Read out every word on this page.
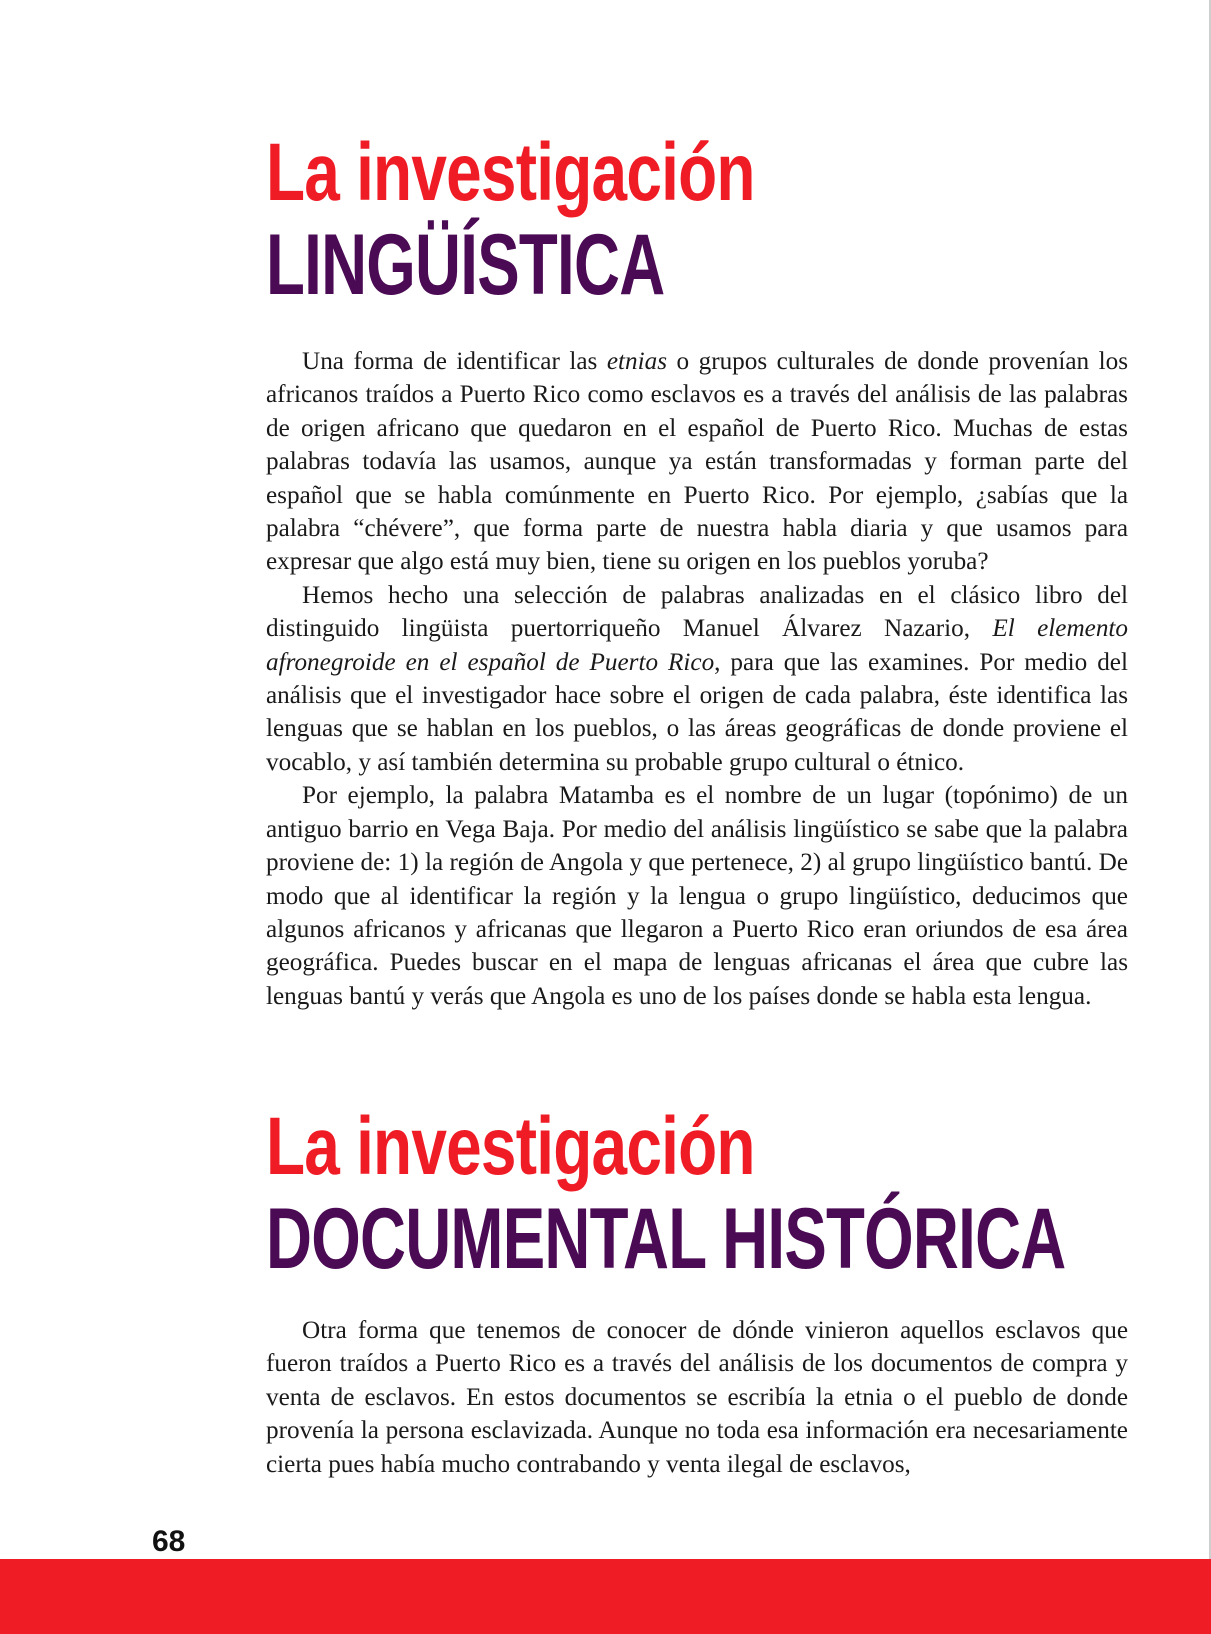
La investigación
LINGÜÍSTICA

Una forma de identificar las etnias o grupos culturales de donde provenían los africanos traídos a Puerto Rico como esclavos es a través del análisis de las palabras de origen africano que quedaron en el español de Puerto Rico. Muchas de estas palabras todavía las usamos, aunque ya están transformadas y forman parte del español que se habla comúnmente en Puerto Rico. Por ejemplo, ¿sabías que la palabra “chévere”, que forma parte de nuestra habla diaria y que usamos para expresar que algo está muy bien, tiene su origen en los pueblos yoruba?

Hemos hecho una selección de palabras analizadas en el clásico libro del distinguido lingüista puertorriqueño Manuel Álvarez Nazario, El elemento afronegroide en el español de Puerto Rico, para que las examines. Por medio del análisis que el investigador hace sobre el origen de cada palabra, éste identifica las lenguas que se hablan en los pueblos, o las áreas geográficas de donde proviene el vocablo, y así también determina su probable grupo cultural o étnico.

Por ejemplo, la palabra Matamba es el nombre de un lugar (topónimo) de un antiguo barrio en Vega Baja. Por medio del análisis lingüístico se sabe que la palabra proviene de: 1) la región de Angola y que pertenece, 2) al grupo lingüístico bantú. De modo que al identificar la región y la lengua o grupo lingüístico, deducimos que algunos africanos y africanas que llegaron a Puerto Rico eran oriundos de esa área geográfica. Puedes buscar en el mapa de lenguas africanas el área que cubre las lenguas bantú y verás que Angola es uno de los países donde se habla esta lengua.

La investigación
DOCUMENTAL HISTÓRICA

Otra forma que tenemos de conocer de dónde vinieron aquellos esclavos que fueron traídos a Puerto Rico es a través del análisis de los documentos de compra y venta de esclavos. En estos documentos se escribía la etnia o el pueblo de donde provenía la persona esclavizada. Aunque no toda esa información era necesariamente cierta pues había mucho contrabando y venta ilegal de esclavos,

68
